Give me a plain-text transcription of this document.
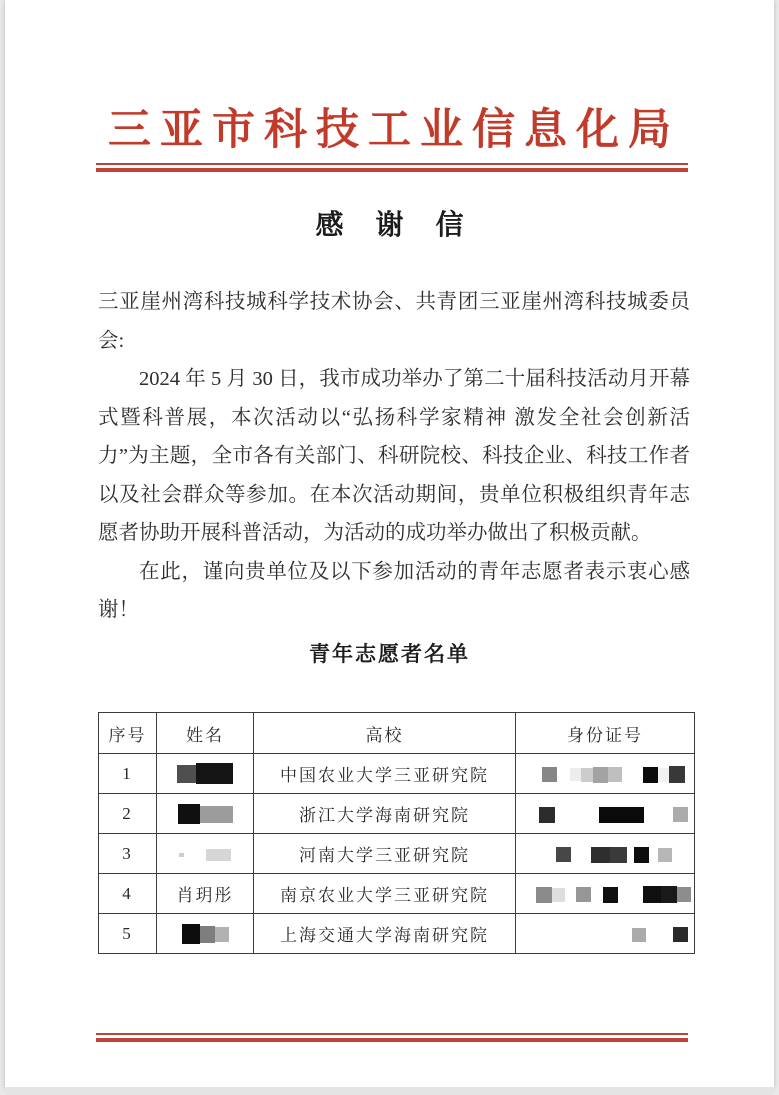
三亚市科技工业信息化局
感谢信

三亚崖州湾科技城科学技术协会、共青团三亚崖州湾科技城委员会:

2024 年 5 月 30 日，我市成功举办了第二十届科技活动月开幕式暨科普展，本次活动以“弘扬科学家精神 激发全社会创新活力”为主题，全市各有关部门、科研院校、科技企业、科技工作者以及社会群众等参加。在本次活动期间，贵单位积极组织青年志愿者协助开展科普活动，为活动的成功举办做出了积极贡献。

在此，谨向贵单位及以下参加活动的青年志愿者表示衷心感谢！

青年志愿者名单
序号	姓名	高校	身份证号
1		中国农业大学三亚研究院	

2		浙江大学海南研究院	

3		河南大学三亚研究院	

4	肖玥彤	南京农业大学三亚研究院	

5		上海交通大学海南研究院	
